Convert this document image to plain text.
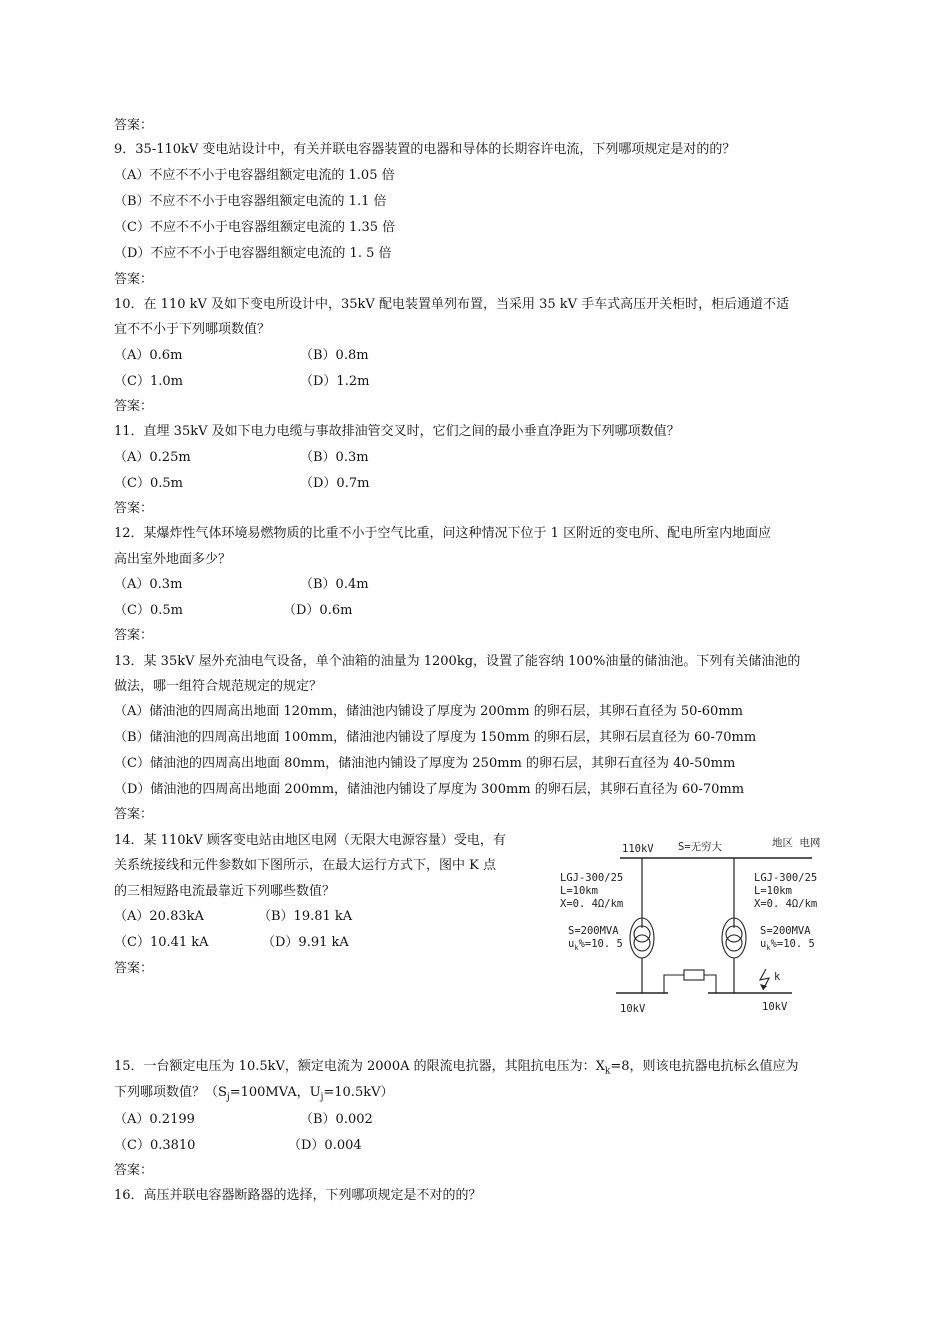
答案：
9．35-110kV 变电站设计中，有关并联电容器装置的电器和导体的长期容许电流，下列哪项规定是对的的？
（A）不应不不小于电容器组额定电流的 1.05 倍
（B）不应不不小于电容器组额定电流的 1.1 倍
（C）不应不不小于电容器组额定电流的 1.35 倍
（D）不应不不小于电容器组额定电流的 1. 5 倍
答案：
10．在 110 kV 及如下变电所设计中，35kV 配电装置单列布置，当采用 35 kV 手车式高压开关柜时，柜后通道不适
宜不不小于下列哪项数值？
（A）0.6m	（B）0.8m
（C）1.0m	（D）1.2m
答案：
11．直埋 35kV 及如下电力电缆与事故排油管交叉时，它们之间的最小垂直净距为下列哪项数值？
（A）0.25m	（B）0.3m
（C）0.5m	（D）0.7m
答案：
12．某爆炸性气体环境易燃物质的比重不小于空气比重，问这种情况下位于 1 区附近的变电所、配电所室内地面应
高出室外地面多少？
（A）0.3m	（B）0.4m
（C）0.5m	（D）0.6m
答案：
13．某 35kV 屋外充油电气设备，单个油箱的油量为 1200kg，设置了能容纳 100%油量的储油池。下列有关储油池的
做法，哪一组符合规范规定的规定？
（A）储油池的四周高出地面 120mm，储油池内铺设了厚度为 200mm 的卵石层，其卵石直径为 50-60mm
（B）储油池的四周高出地面 100mm，储油池内铺设了厚度为 150mm 的卵石层，其卵石层直径为 60-70mm
（C）储油池的四周高出地面 80mm，储油池内铺设了厚度为 250mm 的卵石层，其卵石直径为 40-50mm
（D）储油池的四周高出地面 200mm，储油池内铺设了厚度为 300mm 的卵石层，其卵石直径为 60-70mm
答案：
14．某 110kV 顾客变电站由地区电网（无限大电源容量）受电，有
关系统接线和元件参数如下图所示，在最大运行方式下，图中 K 点
的三相短路电流最靠近下列哪些数值？
（A）20.83kA	（B）19.81 kA
（C）10.41 kA	（D）9.91 kA
答案：
110kV S=无穷大	地区 电网
LGJ-300/25
L=10km
X=0. 4Ω/km
S=200MVA
$u_k\%=10$. 5
LGJ-300/25
L=10km
X=0. 4Ω/km
S=200MVA
$u_k\%=10$. 5
k
10kV	10kV
15．一台额定电压为 10.5kV，额定电流为 2000A 的限流电抗器，其阻抗电压为：$X_k=8$，则该电抗器电抗标幺值应为
下列哪项数值？（$S_j=100MVA$，$U_j=10.5kV$）
（A）0.2199	（B）0.002
（C）0.3810	（D）0.004
答案：
16．高压并联电容器断路器的选择，下列哪项规定是不对的的？
